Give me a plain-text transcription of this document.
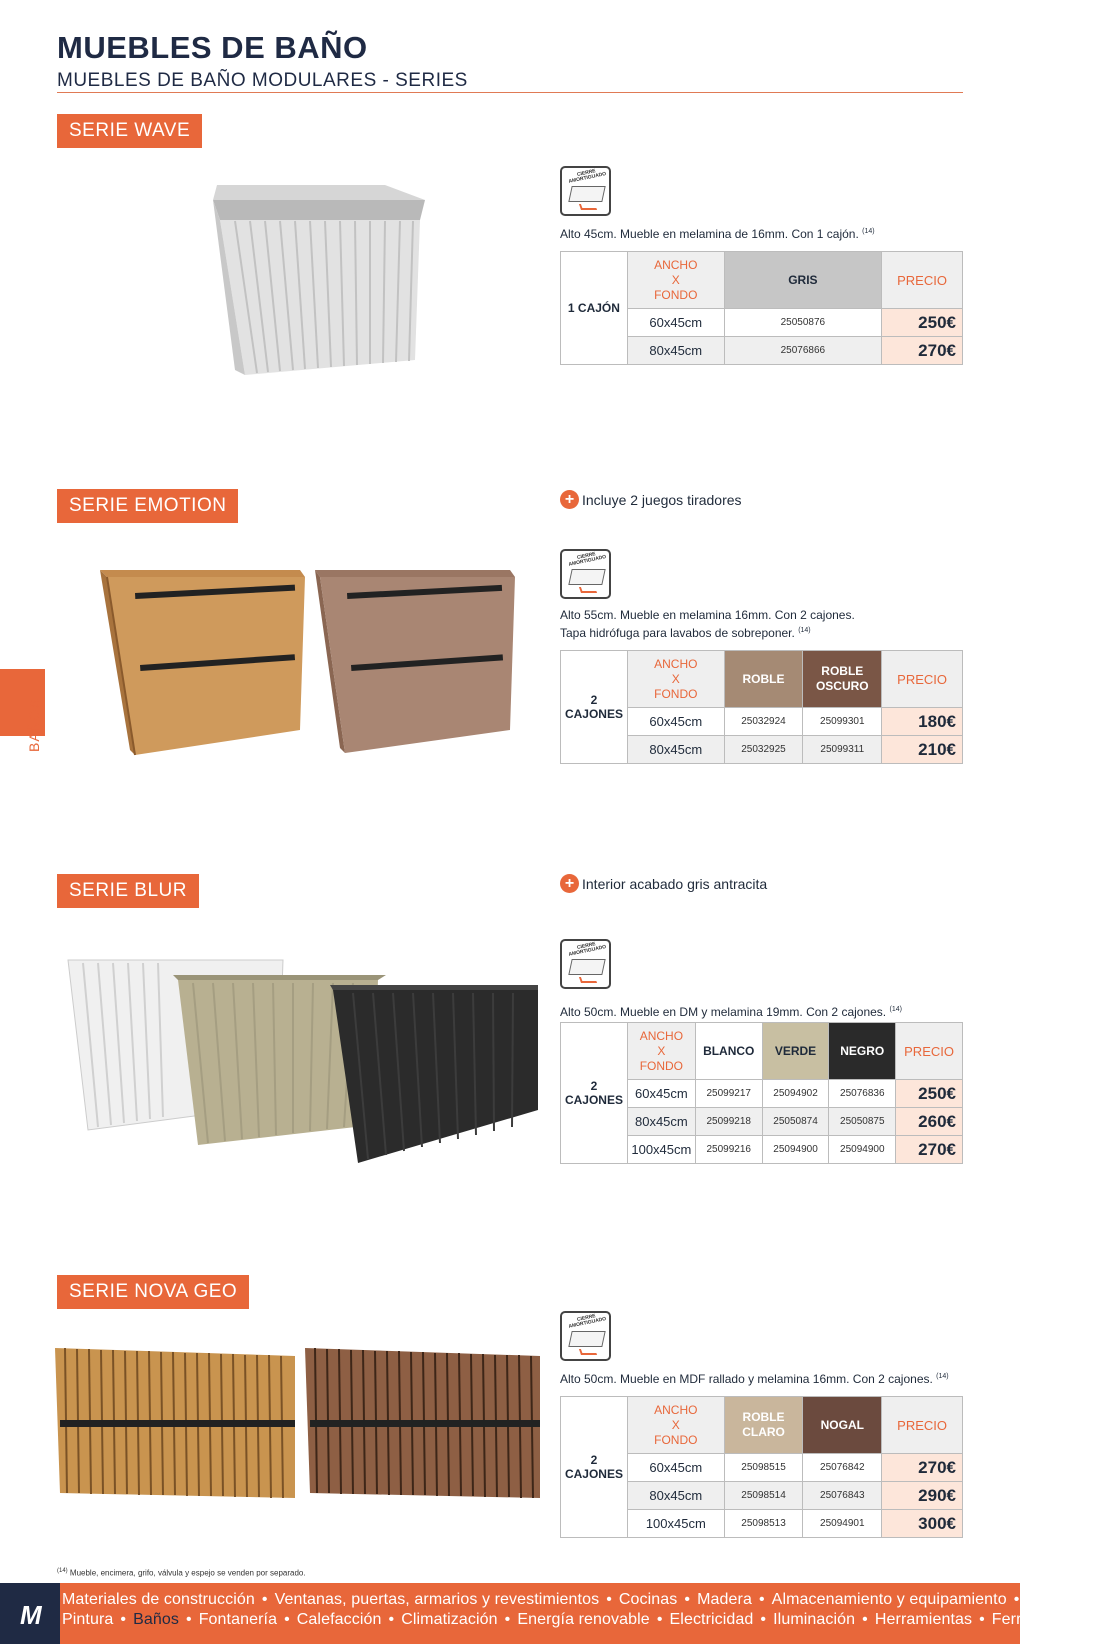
MUEBLES DE BAÑO
MUEBLES DE BAÑO MODULARES - SERIES
BAÑOS
SERIE WAVE
CIERRE AMORTIGUADO
Alto 45cm. Mueble en melamina de 16mm. Con 1 cajón. $^{(14)}$
1 CAJÓN	ANCHO
X
FONDO	GRIS	PRECIO
	60x45cm	25050876	250€
	80x45cm	25076866	270€
SERIE EMOTION	+ Incluye 2 juegos tiradores
CIERRE AMORTIGUADO
Alto 55cm. Mueble en melamina 16mm. Con 2 cajones.
Tapa hidrófuga para lavabos de sobreponer. $^{(14)}$
2 CAJONES	ANCHO
X
FONDO	ROBLE	ROBLE OSCURO	PRECIO
	60x45cm	25032924	25099301	180€
	80x45cm	25032925	25099311	210€
SERIE BLUR	+ Interior acabado gris antracita
CIERRE AMORTIGUADO
Alto 50cm. Mueble en DM y melamina 19mm. Con 2 cajones. $^{(14)}$
2 CAJONES	ANCHO
X
FONDO	BLANCO	VERDE	NEGRO	PRECIO
	60x45cm	25099217	25094902	25076836	250€
	80x45cm	25099218	25050874	25050875	260€
	100x45cm	25099216	25094900	25094900	270€
SERIE NOVA GEO
CIERRE AMORTIGUADO
Alto 50cm. Mueble en MDF rallado y melamina 16mm. Con 2 cajones. $^{(14)}$
2 CAJONES	ANCHO
X
FONDO	ROBLE CLARO	NOGAL	PRECIO
	60x45cm	25098515	25076842	270€
	80x45cm	25098514	25076843	290€
	100x45cm	25098513	25094901	300€
$^{(14)}$ Mueble, encimera, grifo, válvula y espejo se venden por separado.
M
Materiales de construcción • Ventanas, puertas, armarios y revestimientos • Cocinas • Madera • Almacenamiento y equipamiento • Cerámica
Pintura • Baños • Fontanería • Calefacción • Climatización • Energía renovable • Electricidad • Iluminación • Herramientas • Ferretería
